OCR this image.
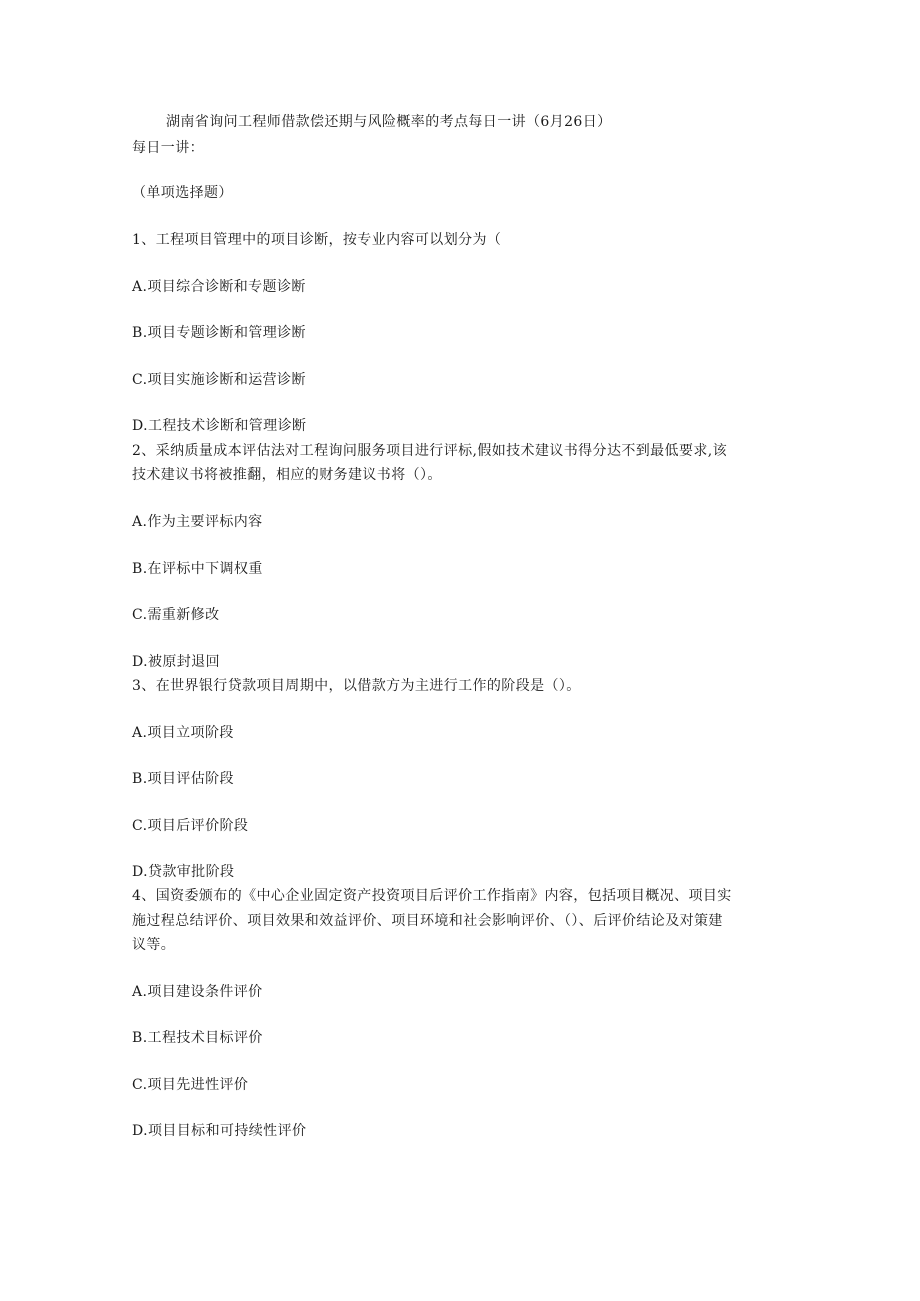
湖南省询问工程师借款偿还期与风险概率的考点每日一讲（6月26日）
每日一讲：
（单项选择题）
1、工程项目管理中的项目诊断，按专业内容可以划分为（
A.项目综合诊断和专题诊断
B.项目专题诊断和管理诊断
C.项目实施诊断和运营诊断
D.工程技术诊断和管理诊断
2、采纳质量成本评估法对工程询问服务项目进行评标,假如技术建议书得分达不到最低要求,该
技术建议书将被推翻，相应的财务建议书将（）。
A.作为主要评标内容
B.在评标中下调权重
C.需重新修改
D.被原封退回
3、在世界银行贷款项目周期中，以借款方为主进行工作的阶段是（）。
A.项目立项阶段
B.项目评估阶段
C.项目后评价阶段
D.贷款审批阶段
4、国资委颁布的《中心企业固定资产投资项目后评价工作指南》内容，包括项目概况、项目实
施过程总结评价、项目效果和效益评价、项目环境和社会影响评价、（）、后评价结论及对策建
议等。
A.项目建设条件评价
B.工程技术目标评价
C.项目先进性评价
D.项目目标和可持续性评价
